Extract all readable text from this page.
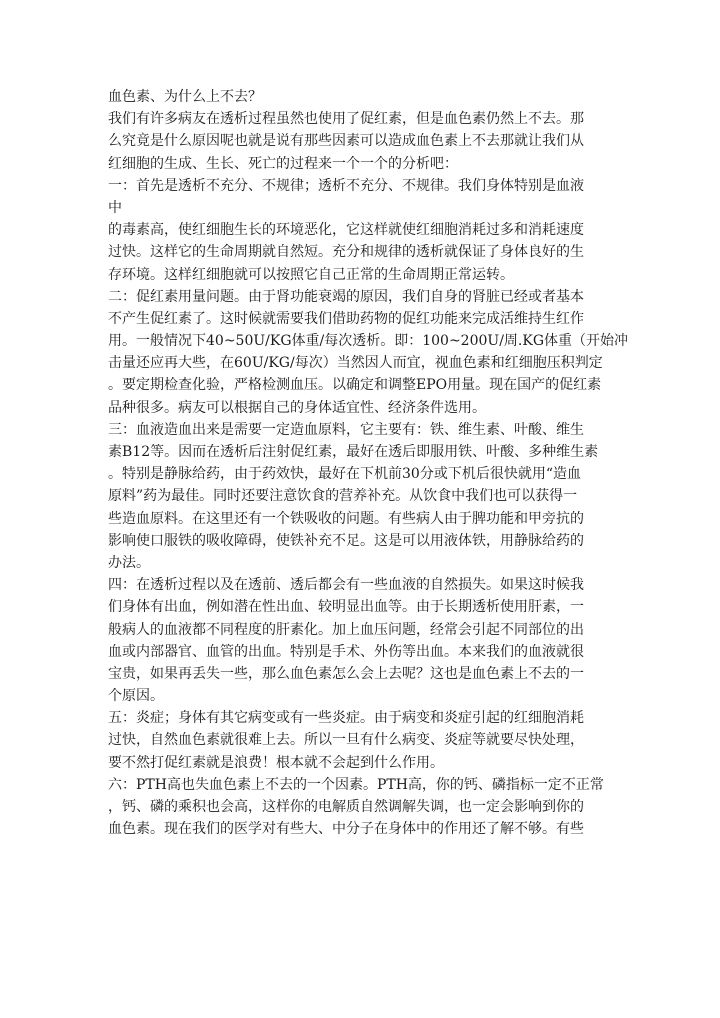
血色素、为什么上不去？
我们有许多病友在透析过程虽然也使用了促红素，但是血色素仍然上不去。那
么究竟是什么原因呢也就是说有那些因素可以造成血色素上不去那就让我们从
红细胞的生成、生长、死亡的过程来一个一个的分析吧：
一：首先是透析不充分、不规律；透析不充分、不规律。我们身体特别是血液
中
的毒素高，使红细胞生长的环境恶化，它这样就使红细胞消耗过多和消耗速度
过快。这样它的生命周期就自然短。充分和规律的透析就保证了身体良好的生
存环境。这样红细胞就可以按照它自己正常的生命周期正常运转。
二：促红素用量问题。由于肾功能衰竭的原因，我们自身的肾脏已经或者基本
不产生促红素了。这时候就需要我们借助药物的促红功能来完成活维持生红作
用。一般情况下40~50U/KG体重/每次透析。即：100~200U/周.KG体重（开始冲
击量还应再大些，在60U/KG/每次）当然因人而宜，视血色素和红细胞压积判定
。要定期检查化验，严格检测血压。以确定和调整EPO用量。现在国产的促红素
品种很多。病友可以根据自己的身体适宜性、经济条件选用。
三：血液造血出来是需要一定造血原料，它主要有：铁、维生素、叶酸、维生
素B12等。因而在透析后注射促红素，最好在透后即服用铁、叶酸、多种维生素
。特别是静脉给药，由于药效快，最好在下机前30分或下机后很快就用“造血
原料”药为最佳。同时还要注意饮食的营养补充。从饮食中我们也可以获得一
些造血原料。在这里还有一个铁吸收的问题。有些病人由于脾功能和甲旁抗的
影响使口服铁的吸收障碍，使铁补充不足。这是可以用液体铁，用静脉给药的
办法。
四：在透析过程以及在透前、透后都会有一些血液的自然损失。如果这时候我
们身体有出血，例如潜在性出血、较明显出血等。由于长期透析使用肝素，一
般病人的血液都不同程度的肝素化。加上血压问题，经常会引起不同部位的出
血或内部器官、血管的出血。特别是手术、外伤等出血。本来我们的血液就很
宝贵，如果再丢失一些，那么血色素怎么会上去呢？这也是血色素上不去的一
个原因。
五：炎症；身体有其它病变或有一些炎症。由于病变和炎症引起的红细胞消耗
过快，自然血色素就很难上去。所以一旦有什么病变、炎症等就要尽快处理，
要不然打促红素就是浪费！根本就不会起到什么作用。
六：PTH高也失血色素上不去的一个因素。PTH高，你的钙、磷指标一定不正常
，钙、磷的乘积也会高，这样你的电解质自然调解失调，也一定会影响到你的
血色素。现在我们的医学对有些大、中分子在身体中的作用还了解不够。有些
